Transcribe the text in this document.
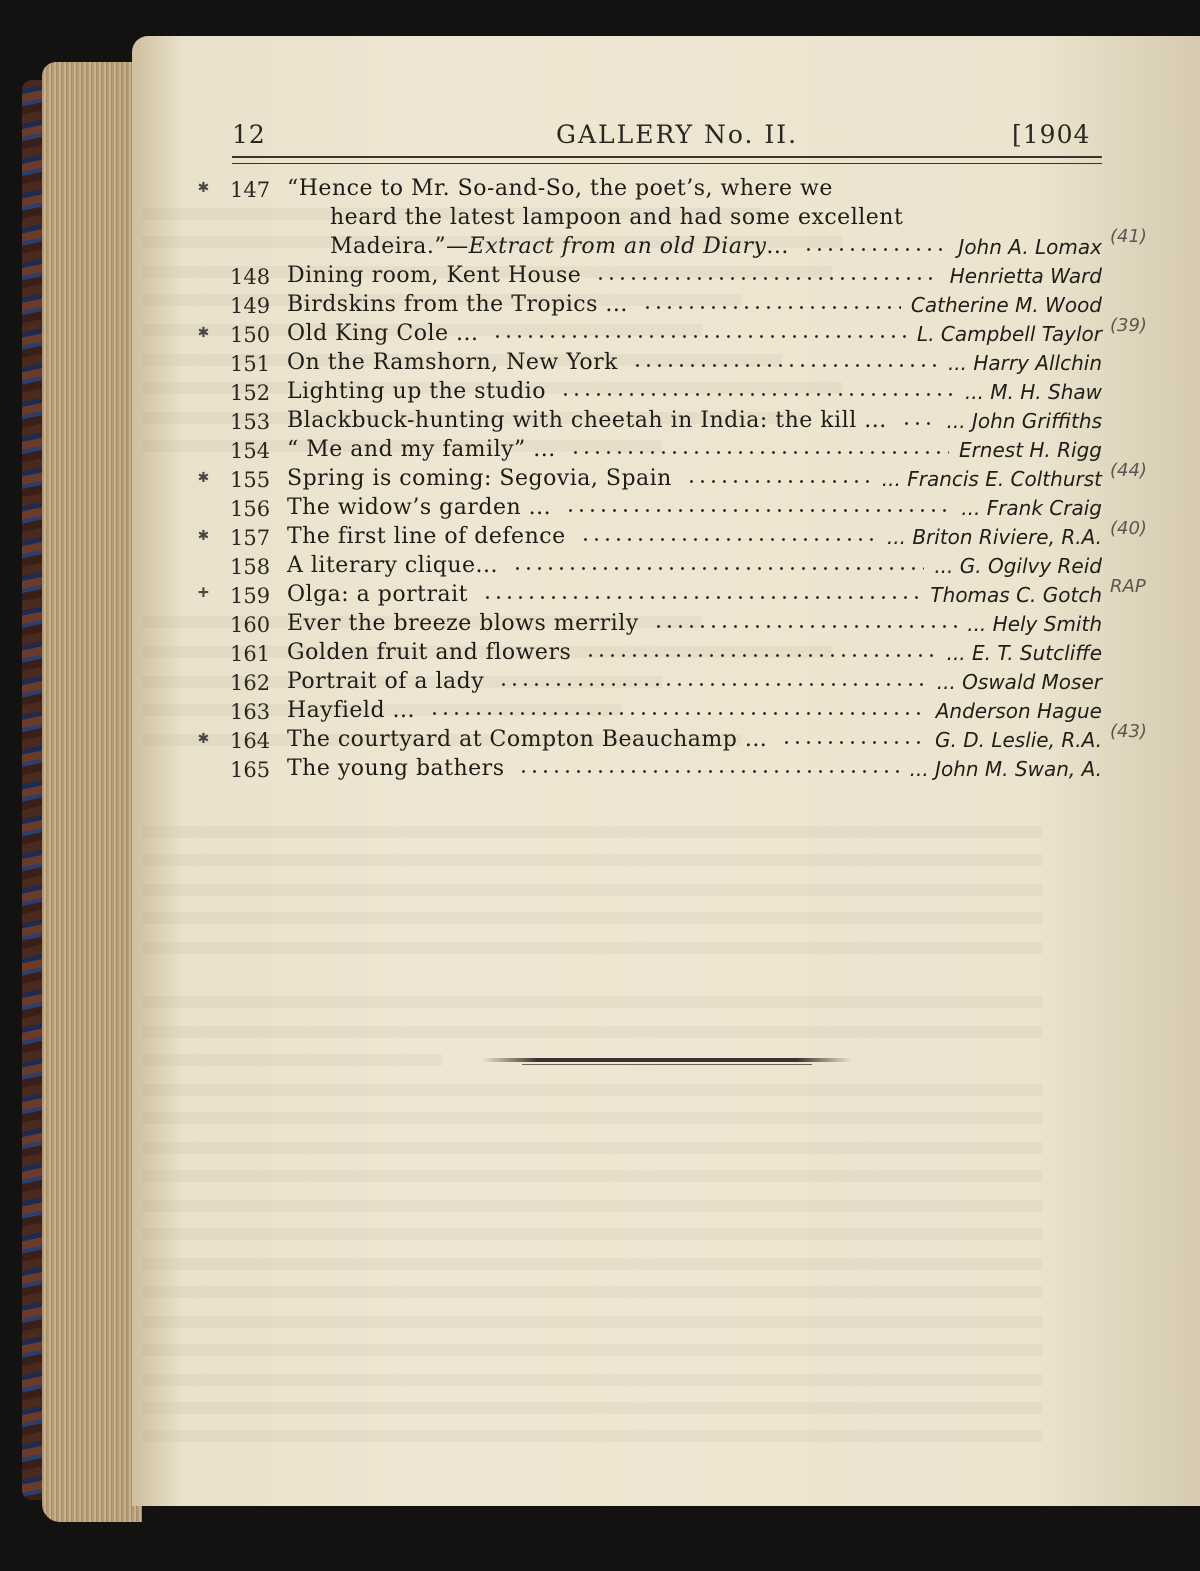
12	GALLERY No. II.	[1904
✱ 147 “Hence to Mr. So-and-So, the poet’s, where we
heard the latest lampoon and had some excellent
Madeira.”—Extract from an old Diary...	John A. Lomax (41)
148 Dining room, Kent House	Henrietta Ward
149 Birdskins from the Tropics ...	Catherine M. Wood
✱ 150 Old King Cole ...	L. Campbell Taylor (39)
151 On the Ramshorn, New York	... Harry Allchin
152 Lighting up the studio	... M. H. Shaw
153 Blackbuck-hunting with cheetah in India: the kill ...	... John Griffiths
154 “ Me and my family” ...	Ernest H. Rigg
✱ 155 Spring is coming: Segovia, Spain	... Francis E. Colthurst (44)
156 The widow’s garden ...	... Frank Craig
✱ 157 The first line of defence	... Briton Riviere, R.A. (40)
158 A literary clique...	... G. Ogilvy Reid
+ 159 Olga: a portrait	Thomas C. Gotch RAP
160 Ever the breeze blows merrily	... Hely Smith
161 Golden fruit and flowers	... E. T. Sutcliffe
162 Portrait of a lady	... Oswald Moser
163 Hayfield ...	Anderson Hague
✱ 164 The courtyard at Compton Beauchamp ...	G. D. Leslie, R.A. (43)
165 The young bathers	... John M. Swan, A.
